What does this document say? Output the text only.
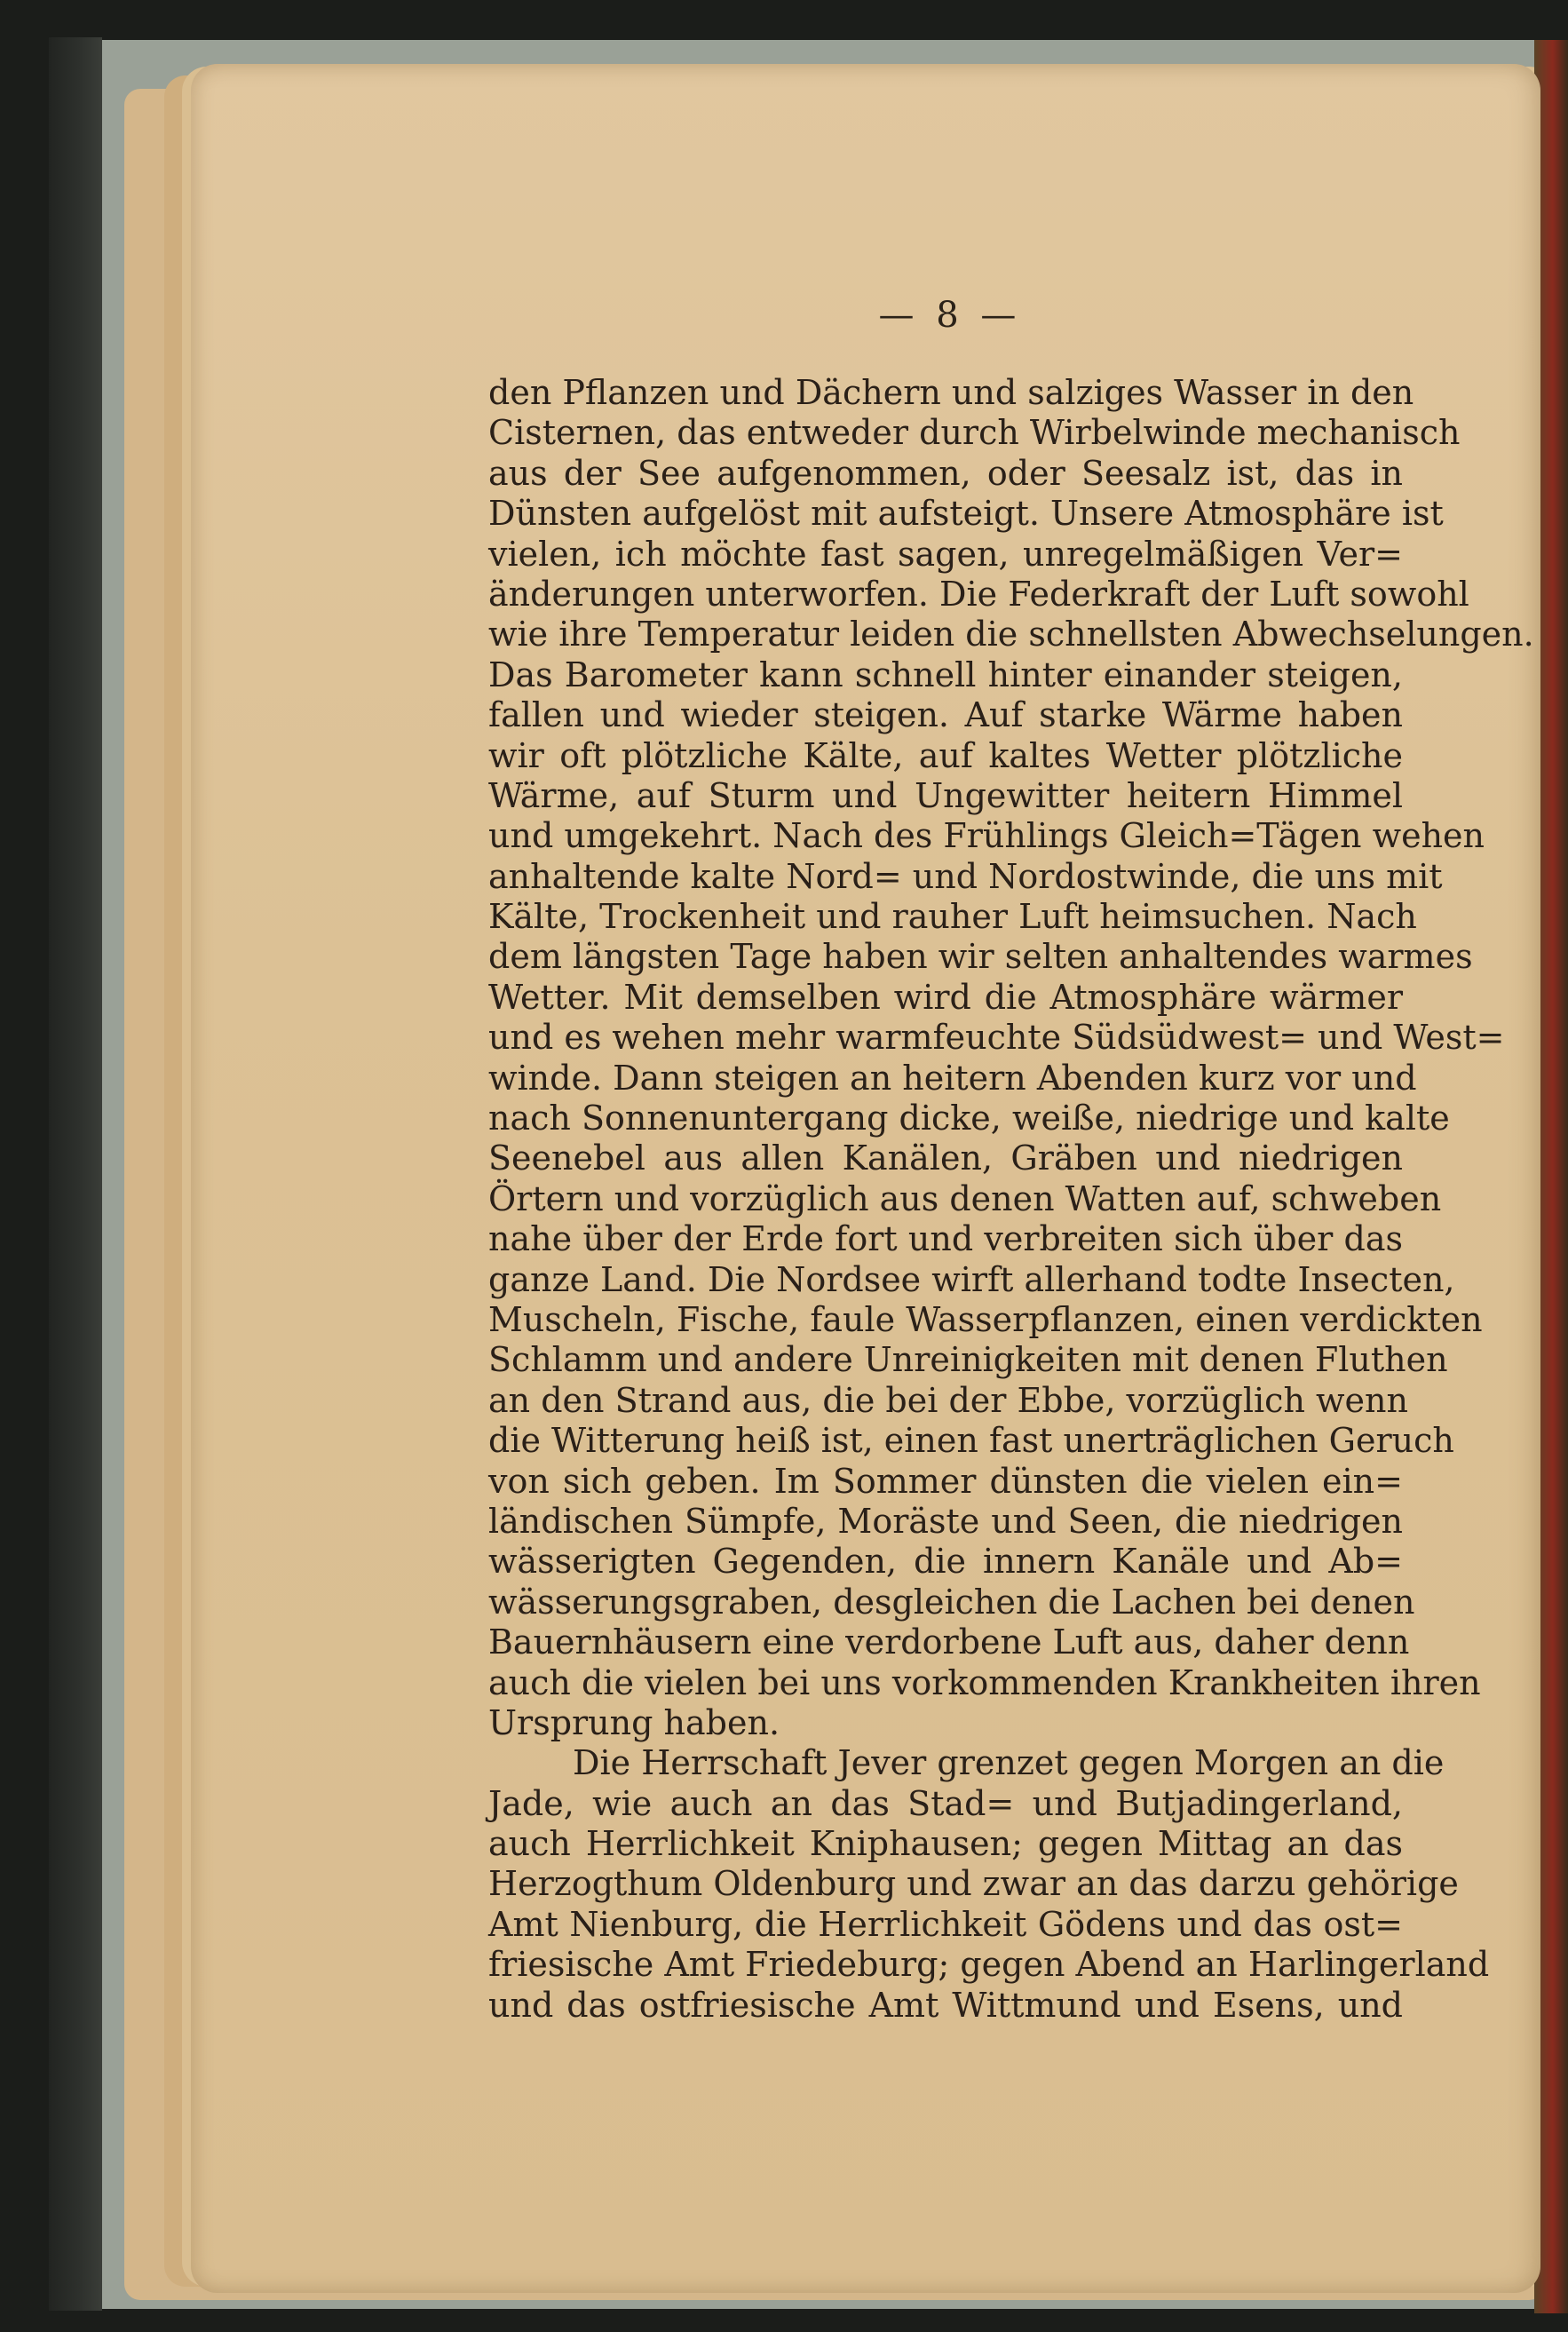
— 8 —
den Pflanzen und Dächern und salziges Wasser in den
Cisternen, das entweder durch Wirbelwinde mechanisch
aus der See aufgenommen, oder Seesalz ist, das in
Dünsten aufgelöst mit aufsteigt. Unsere Atmosphäre ist
vielen, ich möchte fast sagen, unregelmäßigen Ver=
änderungen unterworfen. Die Federkraft der Luft sowohl
wie ihre Temperatur leiden die schnellsten Abwechselungen.
Das Barometer kann schnell hinter einander steigen,
fallen und wieder steigen. Auf starke Wärme haben
wir oft plötzliche Kälte, auf kaltes Wetter plötzliche
Wärme, auf Sturm und Ungewitter heitern Himmel
und umgekehrt. Nach des Frühlings Gleich=Tägen wehen
anhaltende kalte Nord= und Nordostwinde, die uns mit
Kälte, Trockenheit und rauher Luft heimsuchen. Nach
dem längsten Tage haben wir selten anhaltendes warmes
Wetter. Mit demselben wird die Atmosphäre wärmer
und es wehen mehr warmfeuchte Südsüdwest= und West=
winde. Dann steigen an heitern Abenden kurz vor und
nach Sonnenuntergang dicke, weiße, niedrige und kalte
Seenebel aus allen Kanälen, Gräben und niedrigen
Örtern und vorzüglich aus denen Watten auf, schweben
nahe über der Erde fort und verbreiten sich über das
ganze Land. Die Nordsee wirft allerhand todte Insecten,
Muscheln, Fische, faule Wasserpflanzen, einen verdickten
Schlamm und andere Unreinigkeiten mit denen Fluthen
an den Strand aus, die bei der Ebbe, vorzüglich wenn
die Witterung heiß ist, einen fast unerträglichen Geruch
von sich geben. Im Sommer dünsten die vielen ein=
ländischen Sümpfe, Moräste und Seen, die niedrigen
wässerigten Gegenden, die innern Kanäle und Ab=
wässerungsgraben, desgleichen die Lachen bei denen
Bauernhäusern eine verdorbene Luft aus, daher denn
auch die vielen bei uns vorkommenden Krankheiten ihren
Ursprung haben.
Die Herrschaft Jever grenzet gegen Morgen an die
Jade, wie auch an das Stad= und Butjadingerland,
auch Herrlichkeit Kniphausen; gegen Mittag an das
Herzogthum Oldenburg und zwar an das darzu gehörige
Amt Nienburg, die Herrlichkeit Gödens und das ost=
friesische Amt Friedeburg; gegen Abend an Harlingerland
und das ostfriesische Amt Wittmund und Esens, und
